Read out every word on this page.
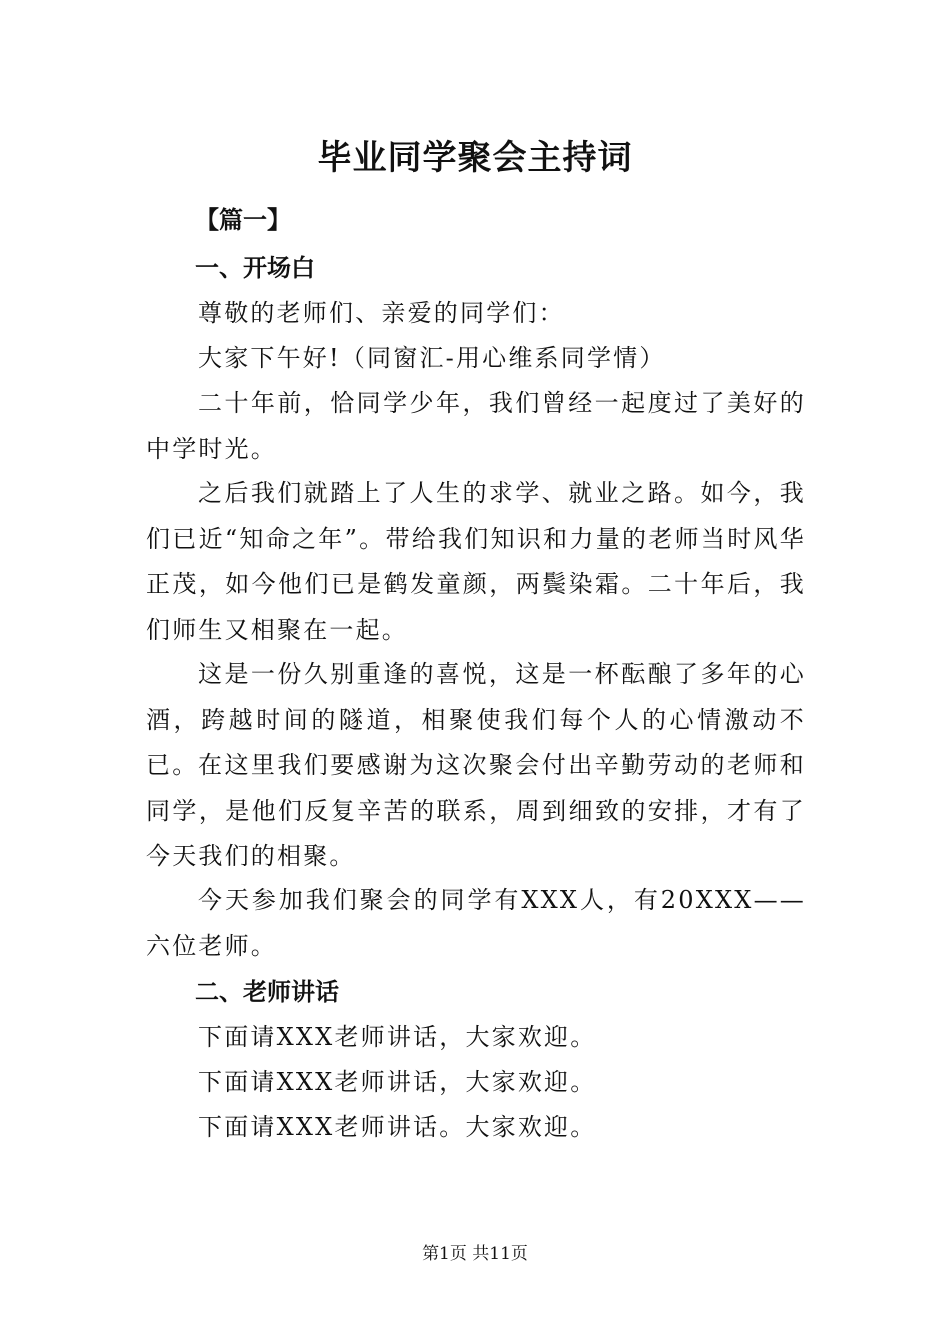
毕业同学聚会主持词

【篇一】

一、开场白

尊敬的老师们、亲爱的同学们：

大家下午好!（同窗汇-用心维系同学情）

二十年前，恰同学少年，我们曾经一起度过了美好的中学时光。

之后我们就踏上了人生的求学、就业之路。如今，我们已近“知命之年”。带给我们知识和力量的老师当时风华正茂，如今他们已是鹤发童颜，两鬓染霜。二十年后，我们师生又相聚在一起。

这是一份久别重逢的喜悦，这是一杯酝酿了多年的心酒，跨越时间的隧道，相聚使我们每个人的心情激动不已。 在这里我们要感谢为这次聚会付出辛勤劳动的老师和同学，是他们反复辛苦的联系，周到细致的安排，才有了今天我们的相聚。

今天参加我们聚会的同学有XXX人，有20XXX——六位老师。

二、老师讲话

下面请XXX老师讲话，大家欢迎。

下面请XXX老师讲话，大家欢迎。

下面请XXX老师讲话。大家欢迎。

第1页 共11页
